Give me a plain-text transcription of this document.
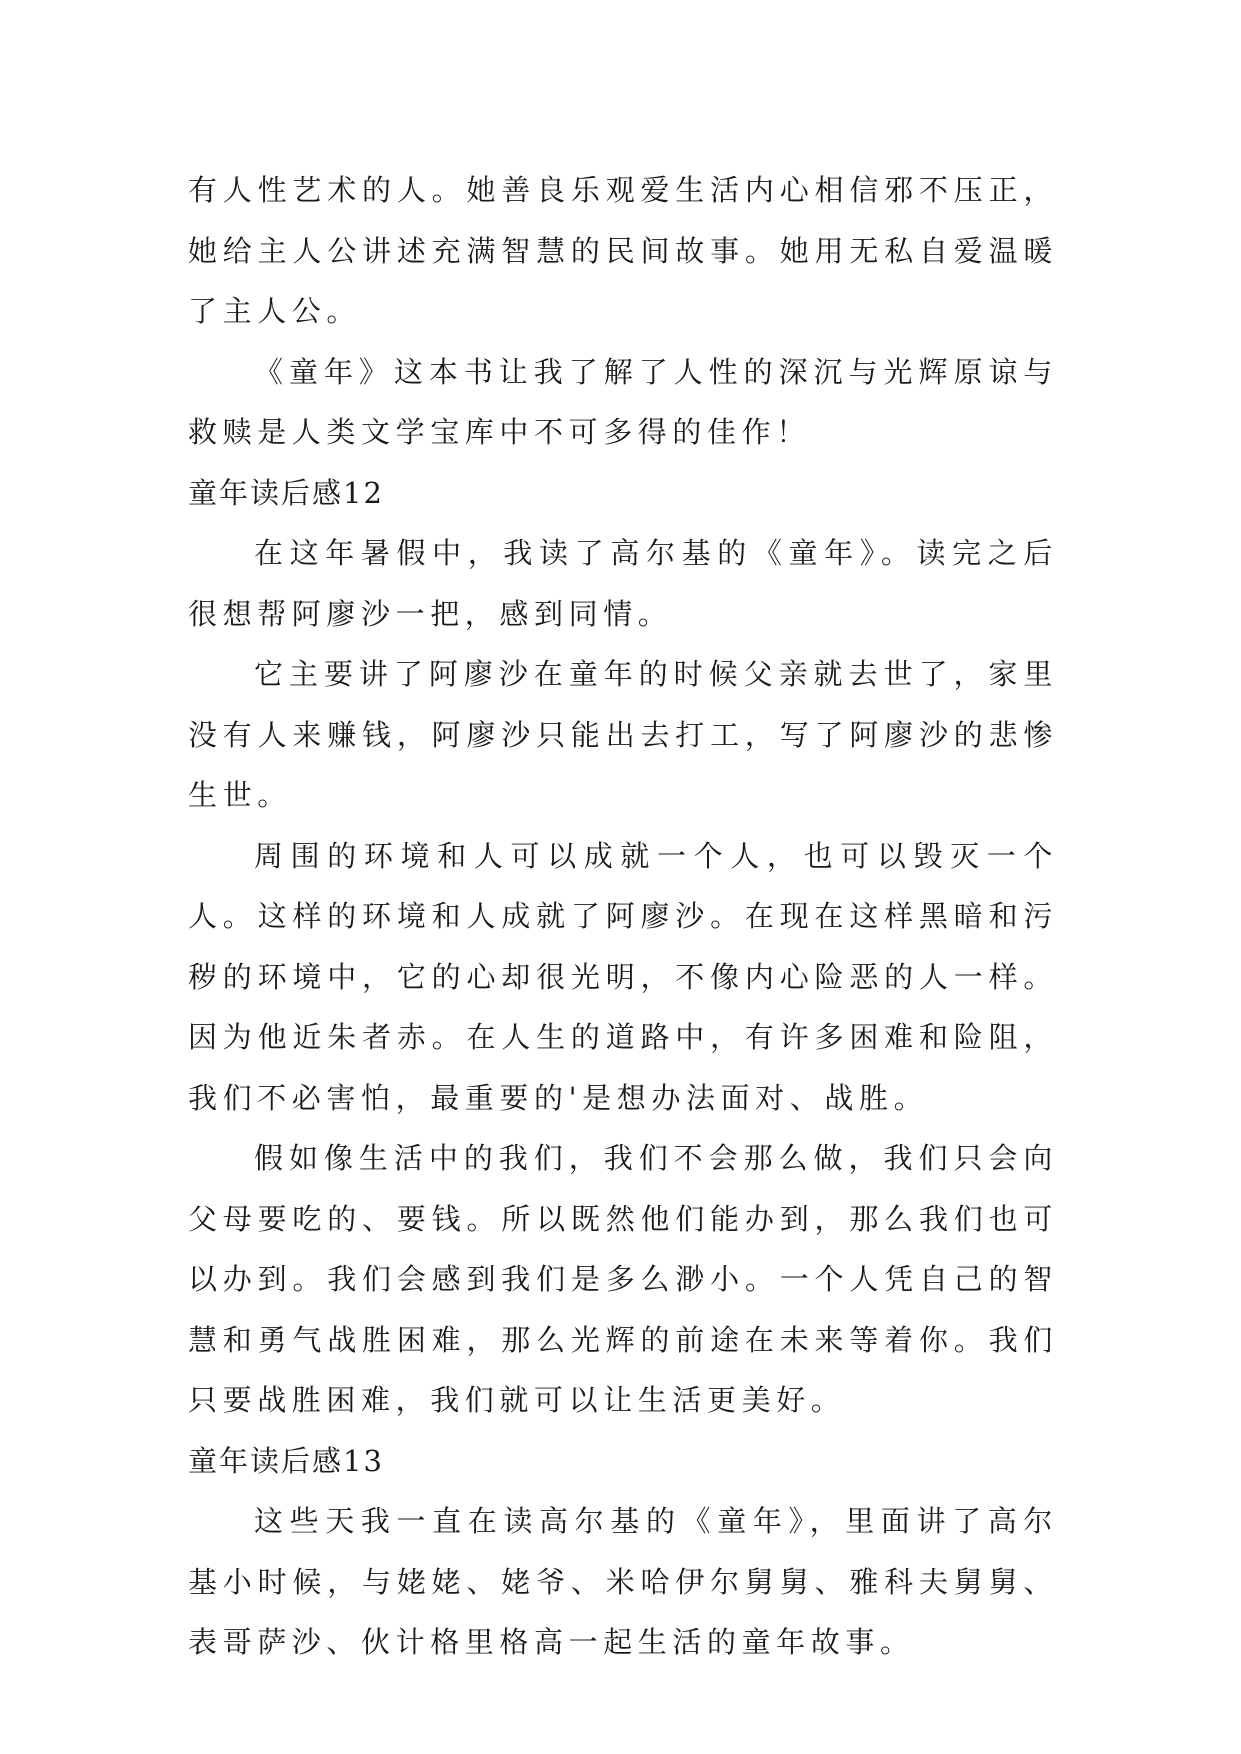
有人性艺术的人。她善良乐观爱生活内心相信邪不压正，她给主人公讲述充满智慧的民间故事。她用无私自爱温暖了主人公。

《童年》这本书让我了解了人性的深沉与光辉原谅与救赎是人类文学宝库中不可多得的佳作！

童年读后感12

在这年暑假中，我读了高尔基的《童年》。读完之后很想帮阿廖沙一把，感到同情。

它主要讲了阿廖沙在童年的时候父亲就去世了，家里没有人来赚钱，阿廖沙只能出去打工，写了阿廖沙的悲惨生世。

周围的环境和人可以成就一个人，也可以毁灭一个人。这样的环境和人成就了阿廖沙。在现在这样黑暗和污秽的环境中，它的心却很光明，不像内心险恶的人一样。因为他近朱者赤。在人生的道路中，有许多困难和险阻，我们不必害怕，最重要的'是想办法面对、战胜。

假如像生活中的我们，我们不会那么做，我们只会向父母要吃的、要钱。所以既然他们能办到，那么我们也可以办到。我们会感到我们是多么渺小。一个人凭自己的智慧和勇气战胜困难，那么光辉的前途在未来等着你。我们只要战胜困难，我们就可以让生活更美好。

童年读后感13

这些天我一直在读高尔基的《童年》，里面讲了高尔基小时候，与姥姥、姥爷、米哈伊尔舅舅、雅科夫舅舅、表哥萨沙、伙计格里格高一起生活的童年故事。
